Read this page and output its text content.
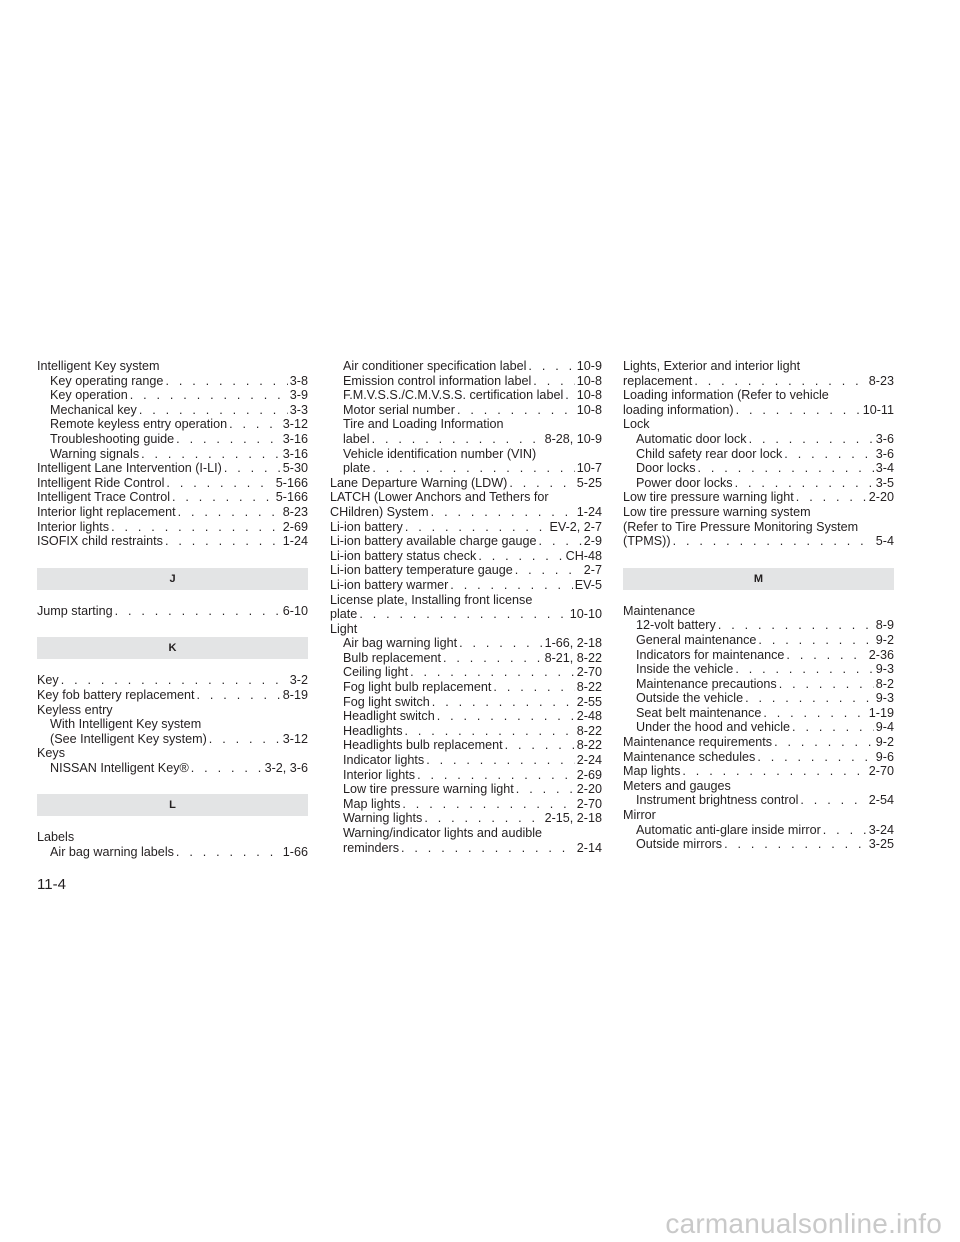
Intelligent Key system
Key operating range . . .	3-8
Key operation . . .	3-9
Mechanical key . . .	3-3
Remote keyless entry operation . . .	3-12
Troubleshooting guide . . .	3-16
Warning signals . . .	3-16
Intelligent Lane Intervention (I-LI) . . .	5-30
Intelligent Ride Control . . .	5-166
Intelligent Trace Control . . .	5-166
Interior light replacement . . .	8-23
Interior lights . . .	2-69
ISOFIX child restraints . . .	1-24
J
Jump starting . . .	6-10
K
Key . . .	3-2
Key fob battery replacement . . .	8-19
Keyless entry
With Intelligent Key system
(See Intelligent Key system) . . .	3-12
Keys
NISSAN Intelligent Key® . . .	3-2, 3-6
L
Labels
Air bag warning labels . . .	1-66
Air conditioner specification label . . .	10-9
Emission control information label . . .	10-8
F.M.V.S.S./C.M.V.S.S. certification label . . . 10-8
Motor serial number . . .	10-8
Tire and Loading Information
label . . .	8-28, 10-9
Vehicle identification number (VIN)
plate . . .	10-7
Lane Departure Warning (LDW) . . .	5-25
LATCH (Lower Anchors and Tethers for
CHildren) System . . .	1-24
Li-ion battery . . .	EV-2, 2-7
Li-ion battery available charge gauge . . .	2-9
Li-ion battery status check . . .	CH-48
Li-ion battery temperature gauge . . .	2-7
Li-ion battery warmer . . .	EV-5
License plate, Installing front license
plate . . .	10-10
Light
Air bag warning light . . .	1-66, 2-18
Bulb replacement . . .	8-21, 8-22
Ceiling light . . .	2-70
Fog light bulb replacement . . .	8-22
Fog light switch . . .	2-55
Headlight switch . . .	2-48
Headlights . . .	8-22
Headlights bulb replacement . . .	8-22
Indicator lights . . .	2-24
Interior lights . . .	2-69
Low tire pressure warning light . . .	2-20
Map lights . . .	2-70
Warning lights . . .	2-15, 2-18
Warning/indicator lights and audible
reminders . . .	2-14
Lights, Exterior and interior light
replacement . . .	8-23
Loading information (Refer to vehicle
loading information) . . .	10-11
Lock
Automatic door lock . . .	3-6
Child safety rear door lock . . .	3-6
Door locks . . .	3-4
Power door locks . . .	3-5
Low tire pressure warning light . . .	2-20
Low tire pressure warning system
(Refer to Tire Pressure Monitoring System
(TPMS)) . . .	5-4
M
Maintenance
12-volt battery . . .	8-9
General maintenance . . .	9-2
Indicators for maintenance . . .	2-36
Inside the vehicle . . .	9-3
Maintenance precautions . . .	8-2
Outside the vehicle . . .	9-3
Seat belt maintenance . . .	1-19
Under the hood and vehicle . . .	9-4
Maintenance requirements . . .	9-2
Maintenance schedules . . .	9-6
Map lights . . .	2-70
Meters and gauges
Instrument brightness control . . .	2-54
Mirror
Automatic anti-glare inside mirror . . .	3-24
Outside mirrors . . .	3-25
11-4
carmanualsonline.info
